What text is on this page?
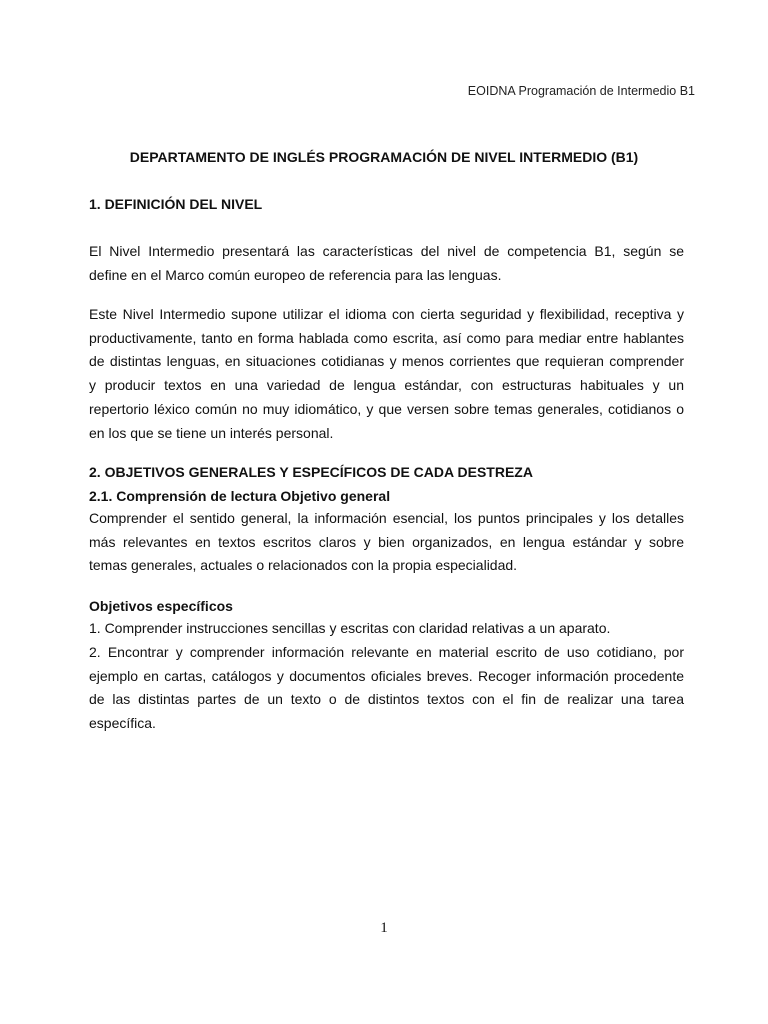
EOIDNA Programación de Intermedio B1
DEPARTAMENTO DE INGLÉS PROGRAMACIÓN DE NIVEL INTERMEDIO (B1)
1. DEFINICIÓN DEL NIVEL

El Nivel Intermedio presentará las características del nivel de competencia B1, según se
define en el Marco común europeo de referencia para las lenguas.

Este Nivel Intermedio supone utilizar el idioma con cierta seguridad y flexibilidad, receptiva y
productivamente, tanto en forma hablada como escrita, así como para mediar entre hablantes
de distintas lenguas, en situaciones cotidianas y menos corrientes que requieran comprender
y producir textos en una variedad de lengua estándar, con estructuras habituales y un
repertorio léxico común no muy idiomático, y que versen sobre temas generales, cotidianos o
en los que se tiene un interés personal.

2. OBJETIVOS GENERALES Y ESPECÍFICOS DE CADA DESTREZA
2.1. Comprensión de lectura Objetivo general

Comprender el sentido general, la información esencial, los puntos principales y los detalles
más relevantes en textos escritos claros y bien organizados, en lengua estándar y sobre
temas generales, actuales o relacionados con la propia especialidad.

Objetivos específicos

1. Comprender instrucciones sencillas y escritas con claridad relativas a un aparato.

2. Encontrar y comprender información relevante en material escrito de uso cotidiano, por
ejemplo en cartas, catálogos y documentos oficiales breves. Recoger información procedente
de las distintas partes de un texto o de distintos textos con el fin de realizar una tarea
específica.

1
